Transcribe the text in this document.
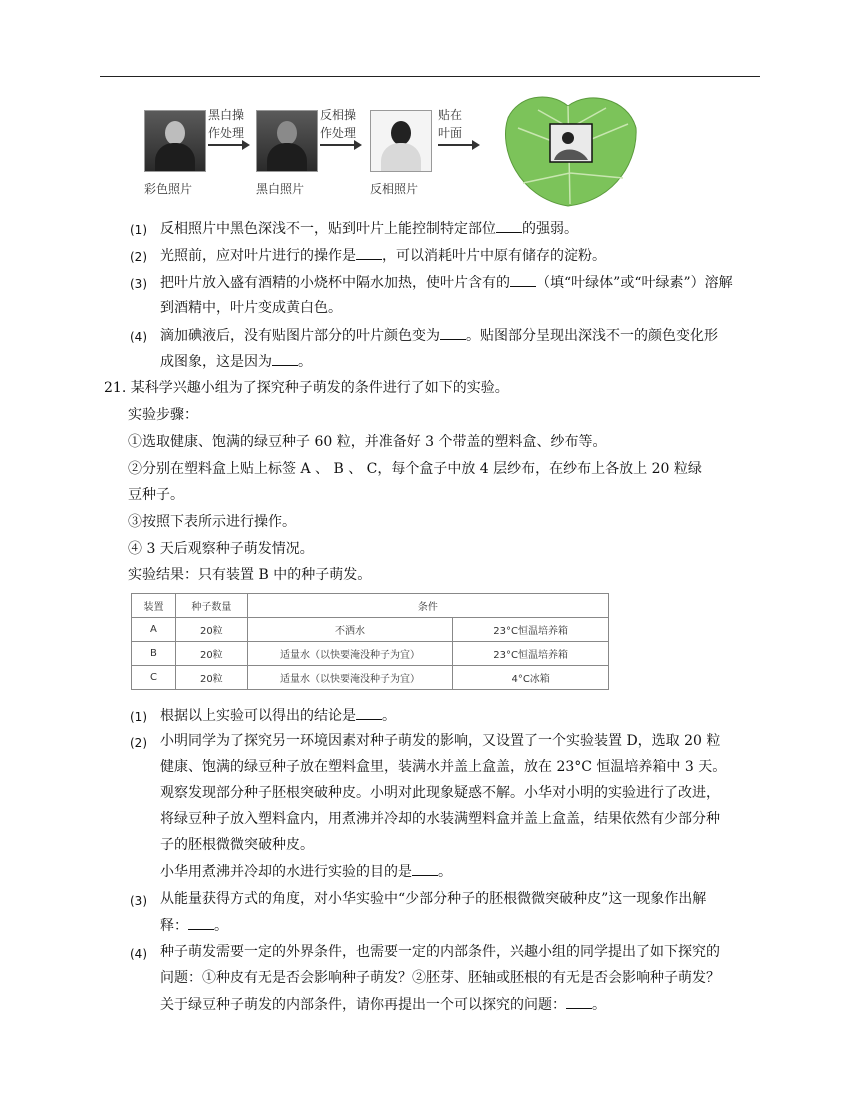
彩色照片
黑白操
作处理
黑白照片
反相操
作处理
反相照片
贴在
叶面
(1) 反相照片中黑色深浅不一，贴到叶片上能控制特定部位 的强弱。
(2) 光照前，应对叶片进行的操作是 ，可以消耗叶片中原有储存的淀粉。
(3) 把叶片放入盛有酒精的小烧杯中隔水加热，使叶片含有的 （填“叶绿体”或“叶绿素”）溶解
到酒精中，叶片变成黄白色。
(4) 滴加碘液后，没有贴图片部分的叶片颜色变为 。贴图部分呈现出深浅不一的颜色变化形
成图象，这是因为 。
21. 某科学兴趣小组为了探究种子萌发的条件进行了如下的实验。
实验步骤：
①选取健康、饱满的绿豆种子 60 粒，并准备好 3 个带盖的塑料盒、纱布等。
②分别在塑料盒上贴上标签 A 、 B 、 C，每个盒子中放 4 层纱布，在纱布上各放上 20 粒绿
豆种子。
③按照下表所示进行操作。
④ 3 天后观察种子萌发情况。
实验结果：只有装置 B 中的种子萌发。
装置	种子数量	条件	
A	20粒	不洒水	23°C恒温培养箱
B	20粒	适量水（以快要淹没种子为宜）	23°C恒温培养箱
C	20粒	适量水（以快要淹没种子为宜）	4°C冰箱
(1) 根据以上实验可以得出的结论是 。
(2) 小明同学为了探究另一环境因素对种子萌发的影响，又设置了一个实验装置 D，选取 20 粒
健康、饱满的绿豆种子放在塑料盒里，装满水并盖上盒盖，放在 23°C 恒温培养箱中 3 天。
观察发现部分种子胚根突破种皮。小明对此现象疑惑不解。小华对小明的实验进行了改进，
将绿豆种子放入塑料盒内，用煮沸并冷却的水装满塑料盒并盖上盒盖，结果依然有少部分种
子的胚根微微突破种皮。
小华用煮沸并冷却的水进行实验的目的是 。
(3) 从能量获得方式的角度，对小华实验中“少部分种子的胚根微微突破种皮”这一现象作出解
释： 。
(4) 种子萌发需要一定的外界条件，也需要一定的内部条件，兴趣小组的同学提出了如下探究的
问题：①种皮有无是否会影响种子萌发？②胚芽、胚轴或胚根的有无是否会影响种子萌发？
关于绿豆种子萌发的内部条件，请你再提出一个可以探究的问题： 。
